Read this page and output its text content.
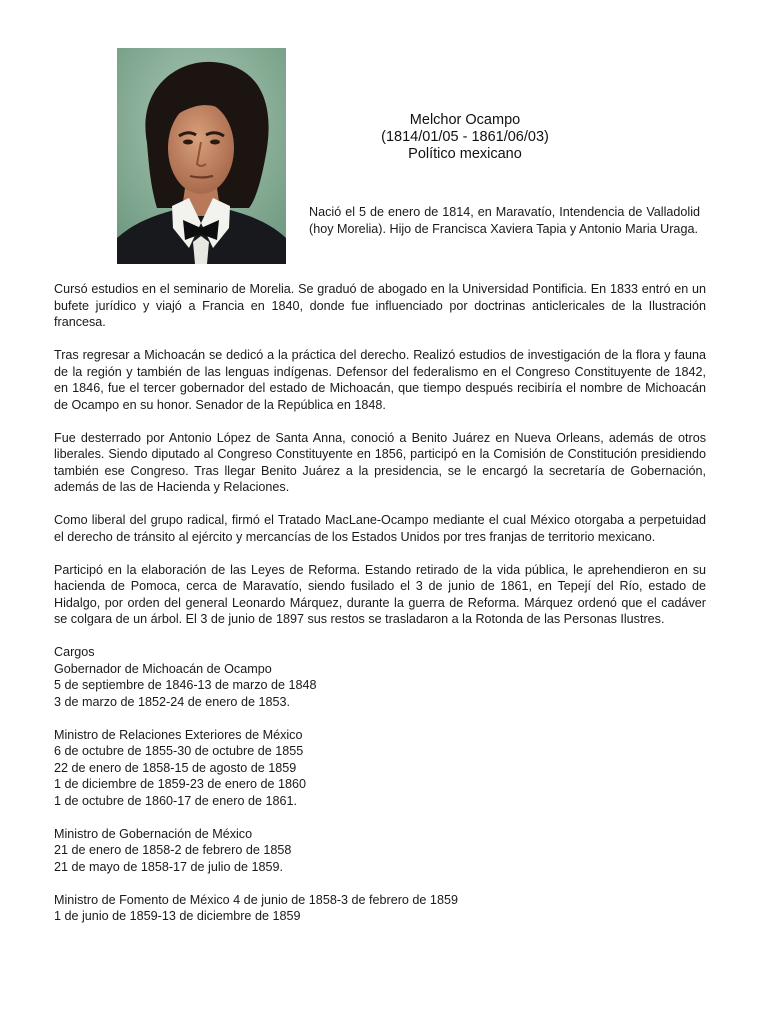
Melchor Ocampo
(1814/01/05 - 1861/06/03)
Político mexicano
Nació el 5 de enero de 1814, en Maravatío, Intendencia de Valladolid (hoy Morelia). Hijo de Francisca Xaviera Tapia y Antonio Maria Uraga.

Cursó estudios en el seminario de Morelia. Se graduó de abogado en la Universidad Pontificia. En 1833 entró en un bufete jurídico y viajó a Francia en 1840, donde fue influenciado por doctrinas anticlericales de la Ilustración francesa.

Tras regresar a Michoacán se dedicó a la práctica del derecho. Realizó estudios de investigación de la flora y fauna de la región y también de las lenguas indígenas. Defensor del federalismo en el Congreso Constituyente de 1842, en 1846, fue el tercer gobernador del estado de Michoacán, que tiempo después recibiría el nombre de Michoacán de Ocampo en su honor. Senador de la República en 1848.

Fue desterrado por Antonio López de Santa Anna, conoció a Benito Juárez en Nueva Orleans, además de otros liberales. Siendo diputado al Congreso Constituyente en 1856, participó en la Comisión de Constitución presidiendo también ese Congreso. Tras llegar Benito Juárez a la presidencia, se le encargó la secretaría de Gobernación, además de las de Hacienda y Relaciones.

Como liberal del grupo radical, firmó el Tratado MacLane-Ocampo mediante el cual México otorgaba a perpetuidad el derecho de tránsito al ejército y mercancías de los Estados Unidos por tres franjas de territorio mexicano.

Participó en la elaboración de las Leyes de Reforma. Estando retirado de la vida pública, le aprehendieron en su hacienda de Pomoca, cerca de Maravatío, siendo fusilado el 3 de junio de 1861, en Tepejí del Río, estado de Hidalgo, por orden del general Leonardo Márquez, durante la guerra de Reforma. Márquez ordenó que el cadáver se colgara de un árbol. El 3 de junio de 1897 sus restos se trasladaron a la Rotonda de las Personas Ilustres.

Cargos
Gobernador de Michoacán de Ocampo
5 de septiembre de 1846-13 de marzo de 1848
3 de marzo de 1852-24 de enero de 1853.
Ministro de Relaciones Exteriores de México
6 de octubre de 1855-30 de octubre de 1855
22 de enero de 1858-15 de agosto de 1859
1 de diciembre de 1859-23 de enero de 1860
1 de octubre de 1860-17 de enero de 1861.
Ministro de Gobernación de México
21 de enero de 1858-2 de febrero de 1858
21 de mayo de 1858-17 de julio de 1859.
Ministro de Fomento de México 4 de junio de 1858-3 de febrero de 1859
1 de junio de 1859-13 de diciembre de 1859
